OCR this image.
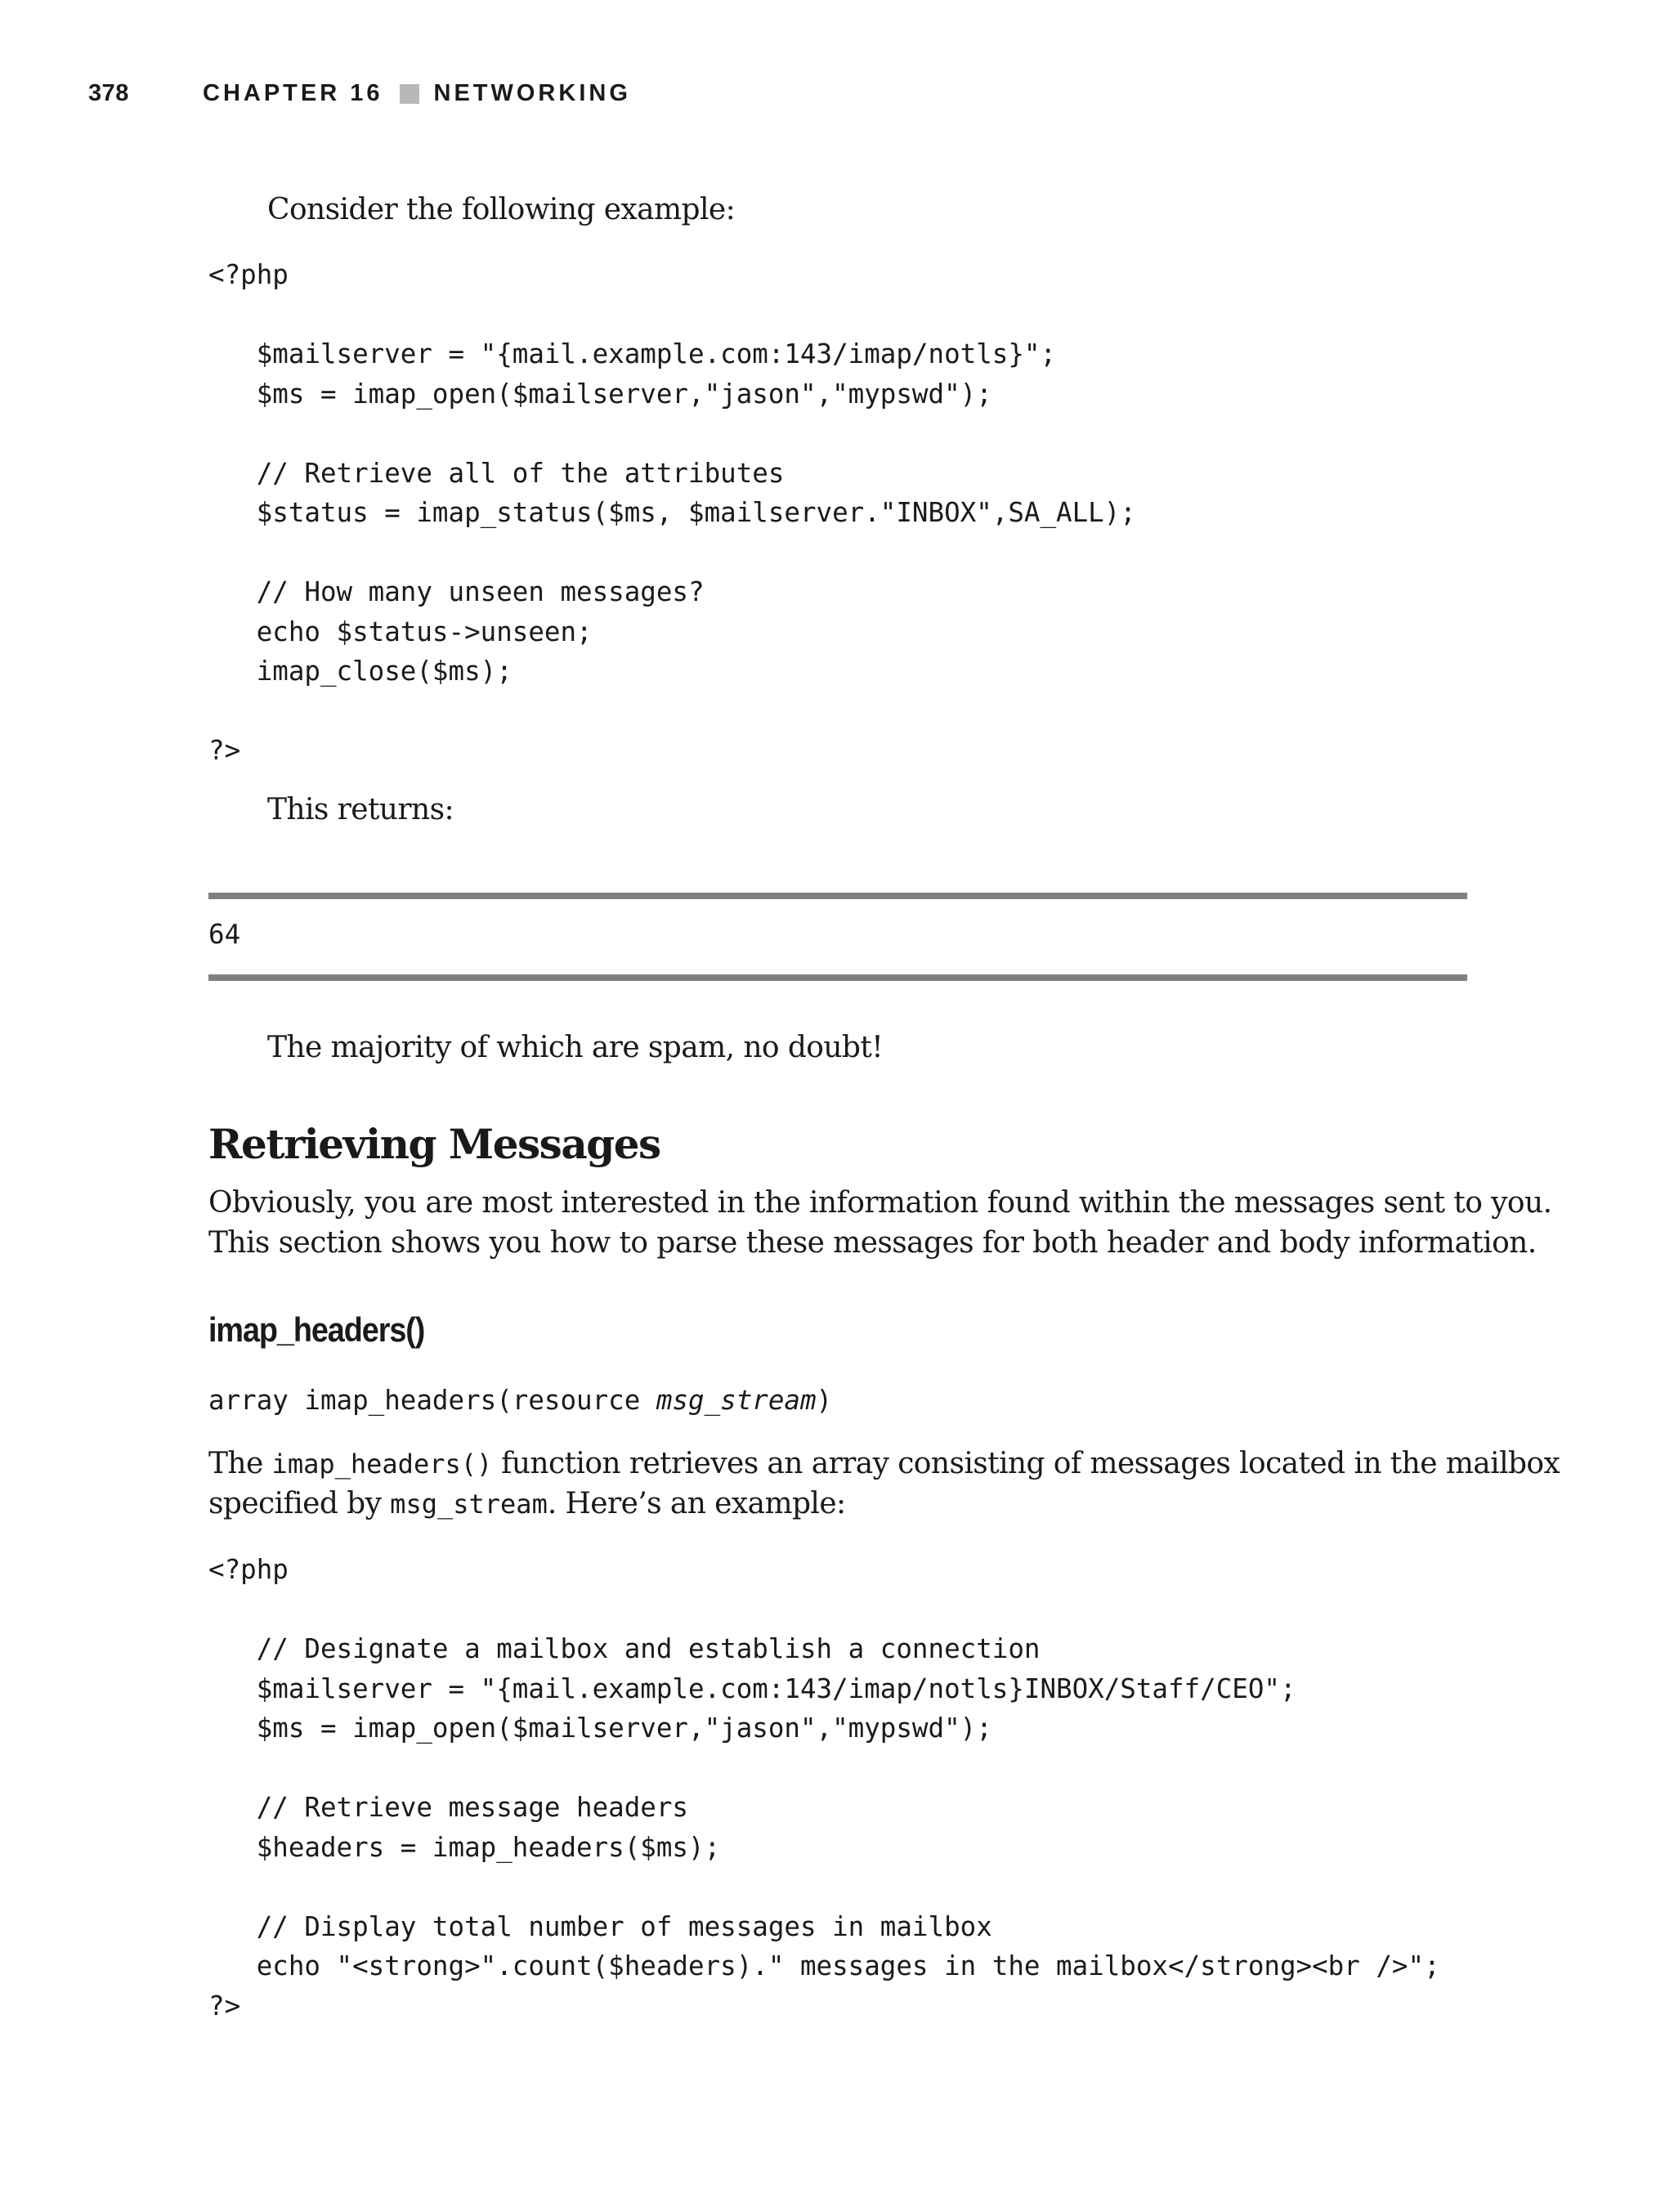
378	CHAPTER 16 NETWORKING
Consider the following example:
<?php
$mailserver = "{mail.example.com:143/imap/notls}";
$ms = imap_open($mailserver,"jason","mypswd");
// Retrieve all of the attributes
$status = imap_status($ms, $mailserver."INBOX",SA_ALL);
// How many unseen messages?
echo $status->unseen;
imap_close($ms);
?>
This returns:
64
The majority of which are spam, no doubt!
Retrieving Messages
Obviously, you are most interested in the information found within the messages sent to you.
This section shows you how to parse these messages for both header and body information.
imap_headers()
array imap_headers(resource msg_stream)
The imap_headers() function retrieves an array consisting of messages located in the mailbox
specified by msg_stream. Here’s an example:
<?php
// Designate a mailbox and establish a connection
$mailserver = "{mail.example.com:143/imap/notls}INBOX/Staff/CEO";
$ms = imap_open($mailserver,"jason","mypswd");
// Retrieve message headers
$headers = imap_headers($ms);
// Display total number of messages in mailbox
echo "<strong>".count($headers)." messages in the mailbox</strong><br />";
?>
